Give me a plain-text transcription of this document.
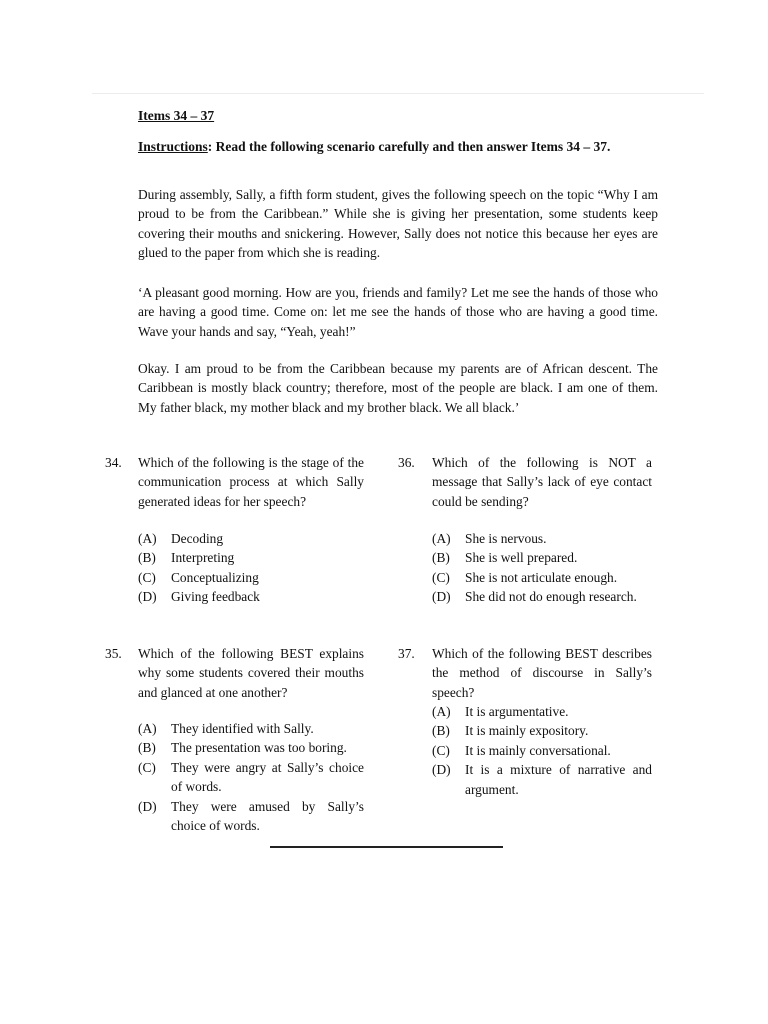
Items 34 – 37
Instructions: Read the following scenario carefully and then answer Items 34 – 37.
During assembly, Sally, a fifth form student, gives the following speech on the topic “Why I am proud to be from the Caribbean.” While she is giving her presentation, some students keep covering their mouths and snickering. However, Sally does not notice this because her eyes are glued to the paper from which she is reading.
‘A pleasant good morning. How are you, friends and family? Let me see the hands of those who are having a good time. Come on: let me see the hands of those who are having a good time. Wave your hands and say, “Yeah, yeah!”
Okay. I am proud to be from the Caribbean because my parents are of African descent. The Caribbean is mostly black country; therefore, most of the people are black. I am one of them. My father black, my mother black and my brother black. We all black.’
34. Which of the following is the stage of the communication process at which Sally generated ideas for her speech?
(A) Decoding
(B) Interpreting
(C) Conceptualizing
(D) Giving feedback
35. Which of the following BEST explains why some students covered their mouths and glanced at one another?
(A) They identified with Sally.
(B) The presentation was too boring.
(C) They were angry at Sally’s choice of words.
(D) They were amused by Sally’s choice of words.
36. Which of the following is NOT a message that Sally’s lack of eye contact could be sending?
(A) She is nervous.
(B) She is well prepared.
(C) She is not articulate enough.
(D) She did not do enough research.
37. Which of the following BEST describes the method of discourse in Sally’s speech?
(A) It is argumentative.
(B) It is mainly expository.
(C) It is mainly conversational.
(D) It is a mixture of narrative and argument.
